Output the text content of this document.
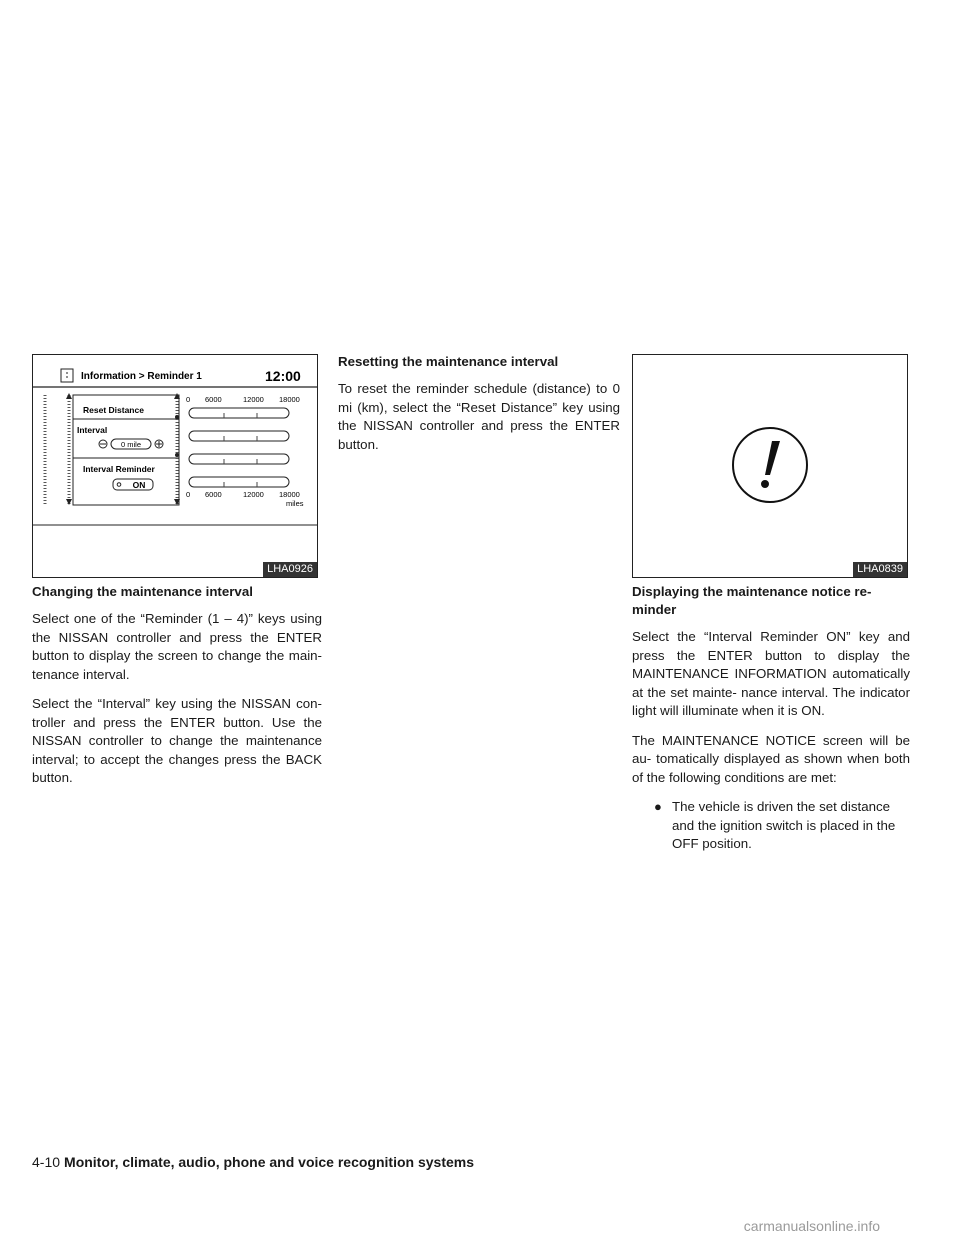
Information > Reminder 1	12:00
Reset Distance
Interval
0 mile
Interval Reminder
ON
0 6000	12000 18000
0 6000	12000 18000
miles
LHA0926	LHA0839
Changing the maintenance interval

Select one of the “Reminder (1 – 4)” keys using the NISSAN controller and press the ENTER button to display the screen to change the main- tenance interval.

Select the “Interval” key using the NISSAN con- troller and press the ENTER button. Use the NISSAN controller to change the maintenance interval; to accept the changes press the BACK button.

Resetting the maintenance interval

To reset the reminder schedule (distance) to 0 mi (km), select the “Reset Distance” key using the NISSAN controller and press the ENTER button.

Displaying the maintenance notice re- minder

Select the “Interval Reminder ON” key and press the ENTER button to display the MAINTENANCE INFORMATION automatically at the set mainte- nance interval. The indicator light will illuminate when it is ON.

The MAINTENANCE NOTICE screen will be au- tomatically displayed as shown when both of the following conditions are met:

● The vehicle is driven the set distance and the ignition switch is placed in the OFF position.
4-10 Monitor, climate, audio, phone and voice recognition systems
carmanualsonline.info
